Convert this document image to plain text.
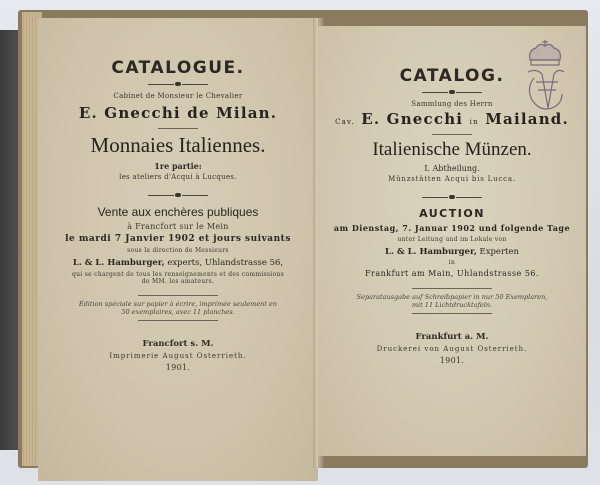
CATALOGUE.
Cabinet de Monsieur le Chevalier
E. Gnecchi de Milan.
Monnaies Italiennes.
1re partie:
les ateliers d'Acqui à Lucques.
Vente aux enchères publiques
à Francfort sur le Mein
le mardi 7 Janvier 1902 et jours suivants
sous la direction de Messieurs
L. & L. Hamburger, experts, Uhlandstrasse 56,
qui se chargent de tous les renseignements et des commissions
de MM. les amateurs.
Édition spéciale sur papier à écrire, imprimée seulement en
50 exemplaires, avec 11 planches.
Francfort s. M.
Imprimerie August Osterrieth.
1901.
CATALOG.
Sammlung des Herrn
Cav. E. Gnecchi in Mailand.
Italienische Münzen.
I. Abtheilung.
Münzstätten Acqui bis Lucca.
AUCTION
am Dienstag, 7. Januar 1902 und folgende Tage
unter Leitung und im Lokale von
L. & L. Hamburger, Experten
in
Frankfurt am Main, Uhlandstrasse 56.
Separatausgabe auf Schreibpapier in nur 50 Exemplaren,
mit 11 Lichtdrucktafeln.
Frankfurt a. M.
Druckerei von August Osterrieth.
1901.
